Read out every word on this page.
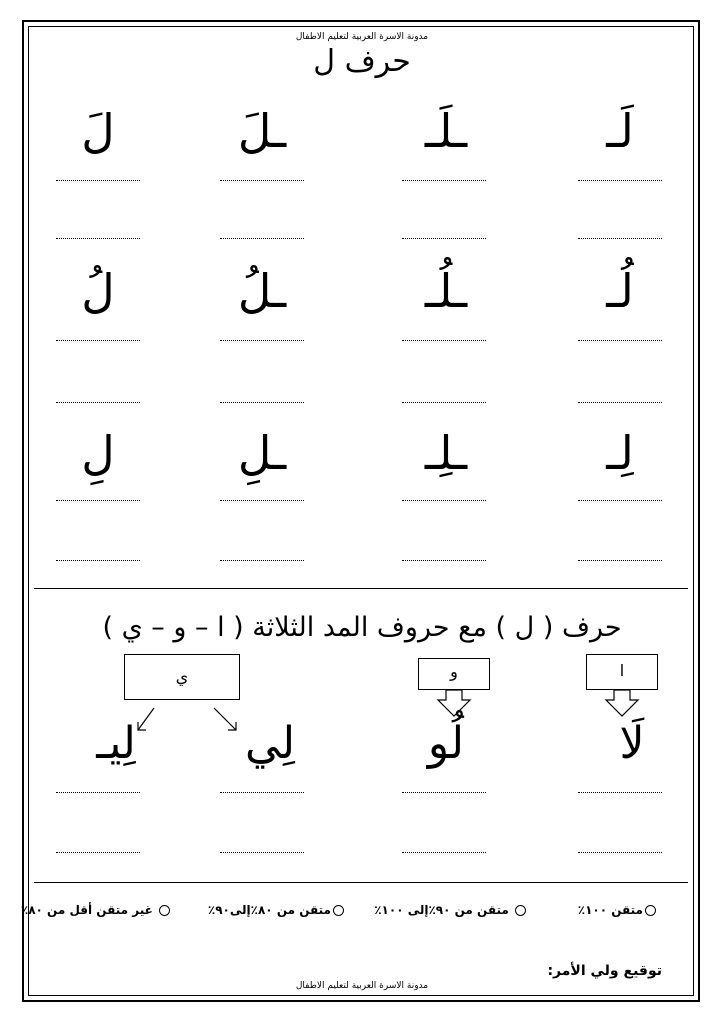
مدونة الاسرة العربية لتعليم الاطفال
حرف ل
لَـ
ـلَـ
ـلَ
لَ
لُـ
ـلُـ
ـلُ
لُ
لِـ
ـلِـ
ـلِ
لِ
حرف ( ل ) مع حروف المد الثلاثة ( ا – و – ي )
ا
و
ي
لَا
لُو
لِي
لِيـ
متقن ١٠٠٪
متقن من ٩٠٪إلى ١٠٠٪
متقن من ٨٠٪إلى٩٠٪
غير متقن أقل من ٨٠٪
توقيع ولي الأمر:
مدونة الاسرة العربية لتعليم الاطفال
